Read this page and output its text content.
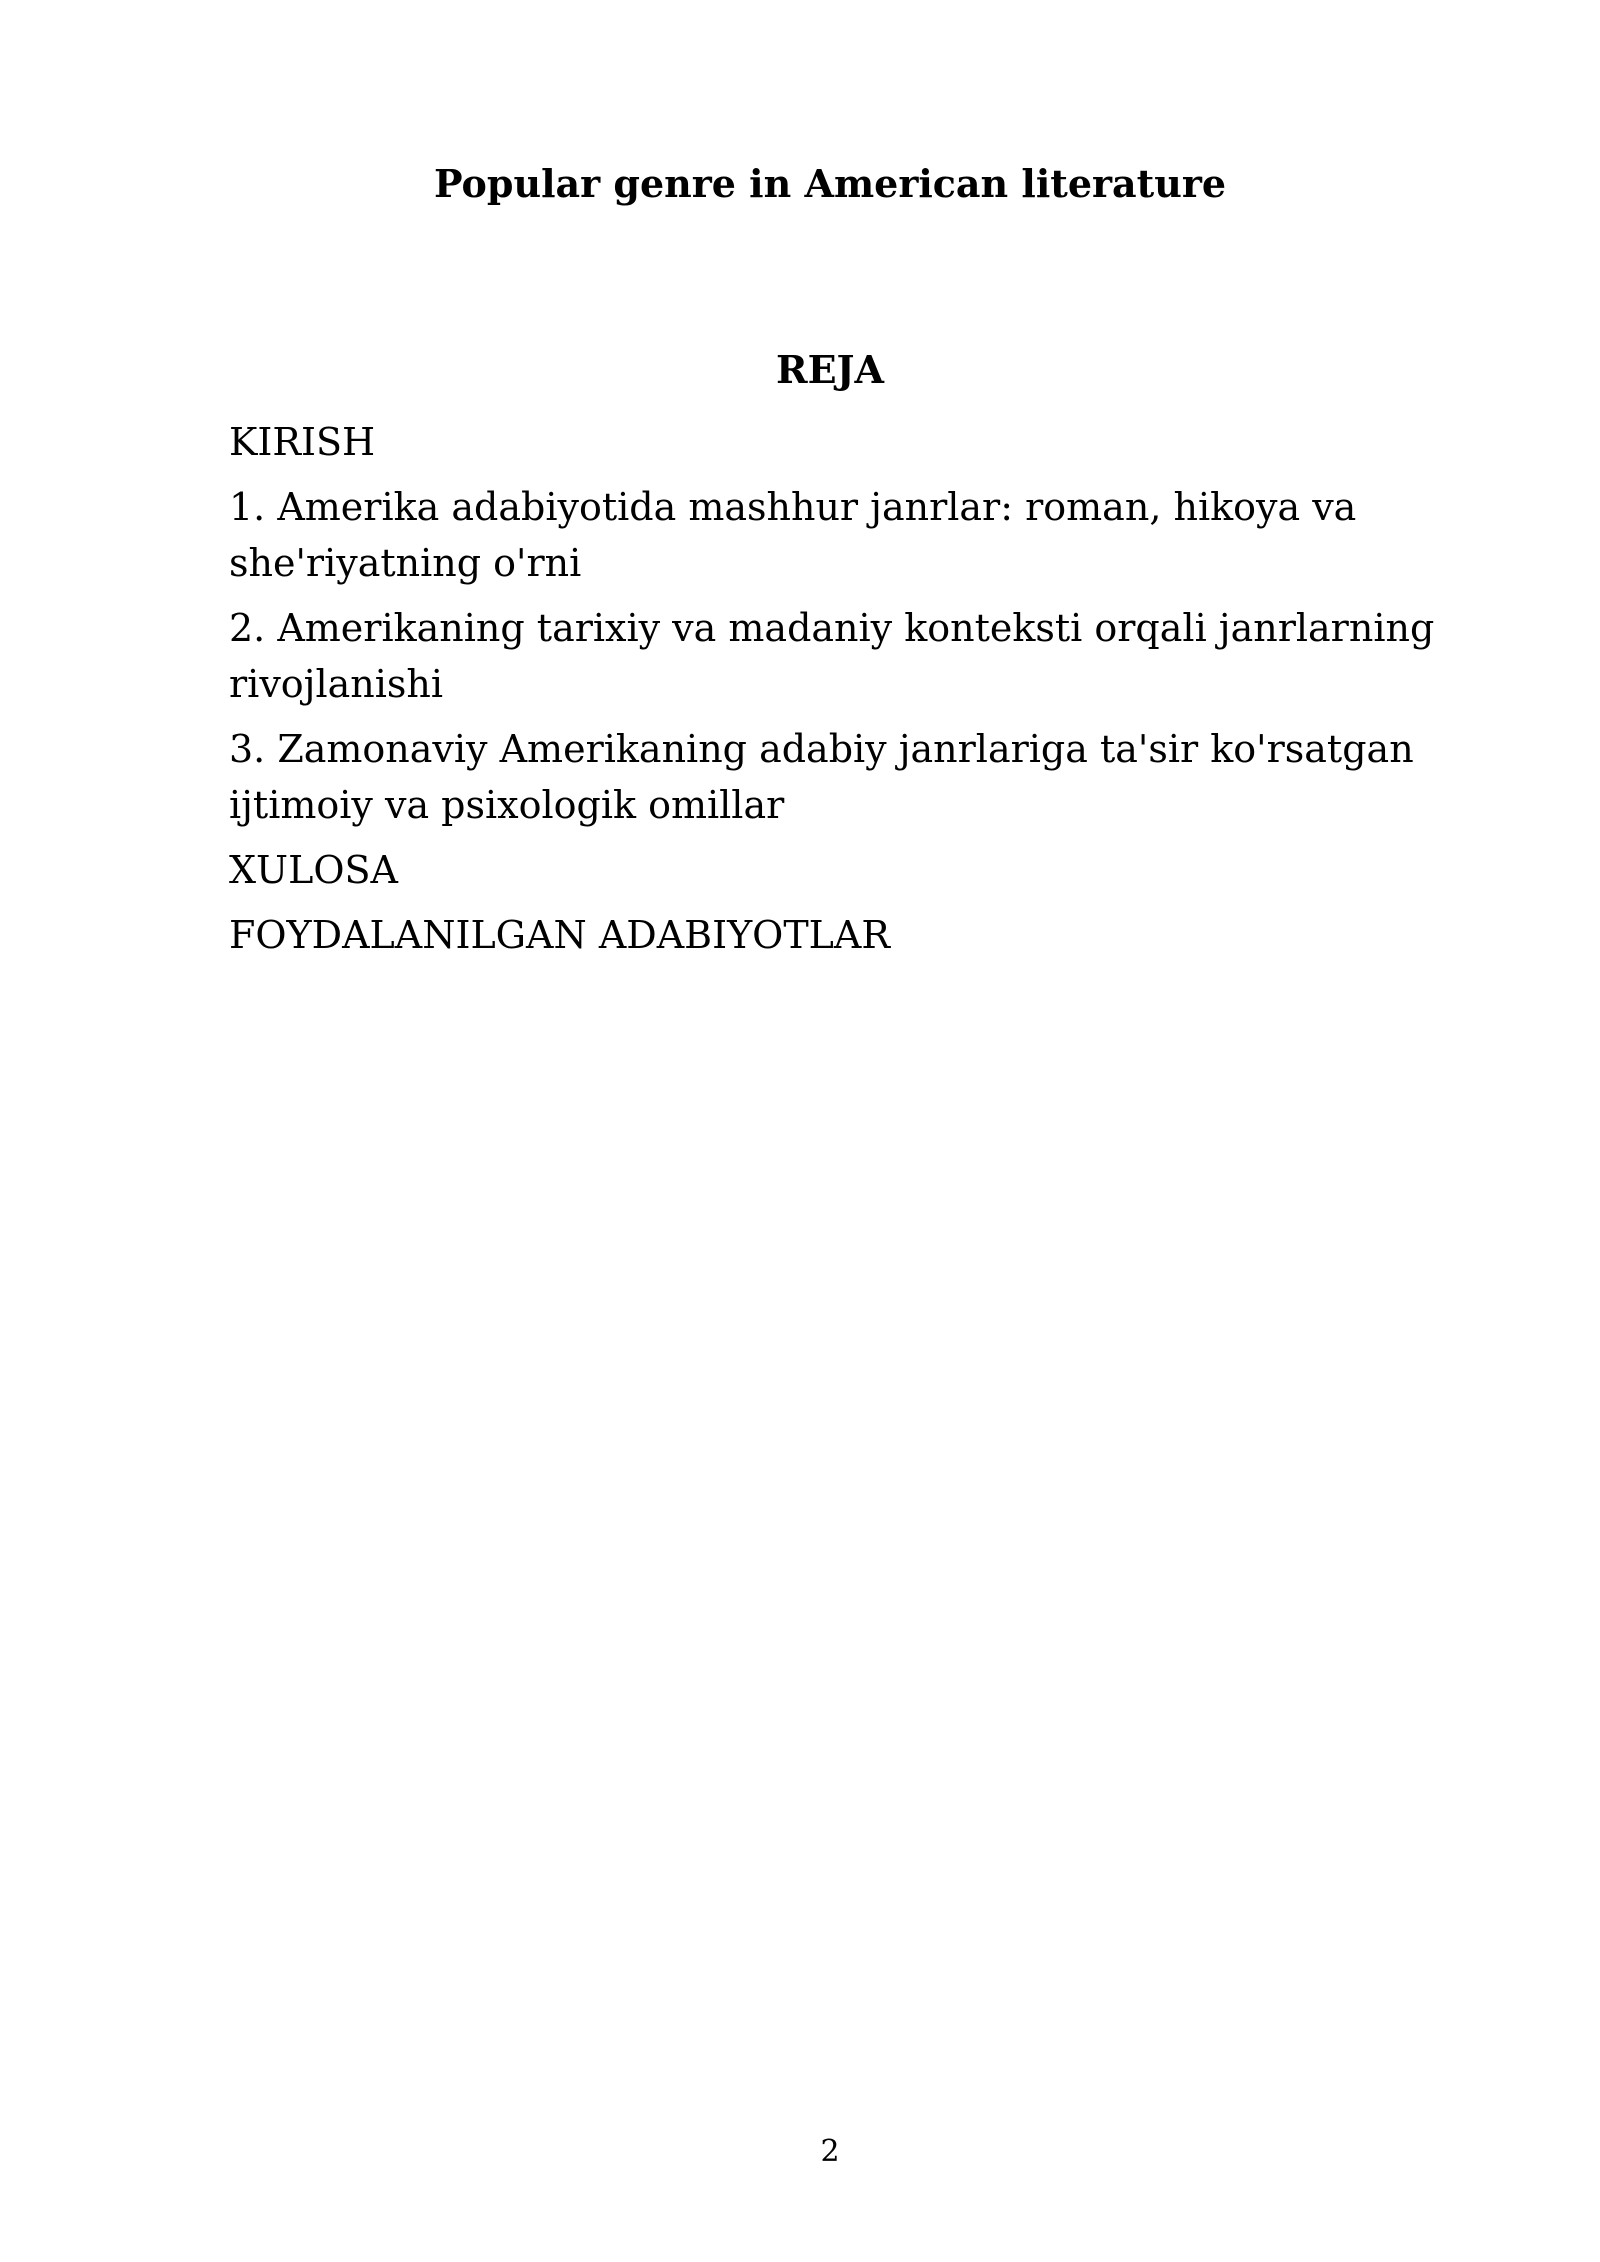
Popular genre in American literature
REJA
KIRISH
1. Amerika adabiyotida mashhur janrlar: roman, hikoya va she'riyatning o'rni
2. Amerikaning tarixiy va madaniy konteksti orqali janrlarning rivojlanishi
3. Zamonaviy Amerikaning adabiy janrlariga ta'sir ko'rsatgan ijtimoiy va psixologik omillar
XULOSA
FOYDALANILGAN ADABIYOTLAR
2
